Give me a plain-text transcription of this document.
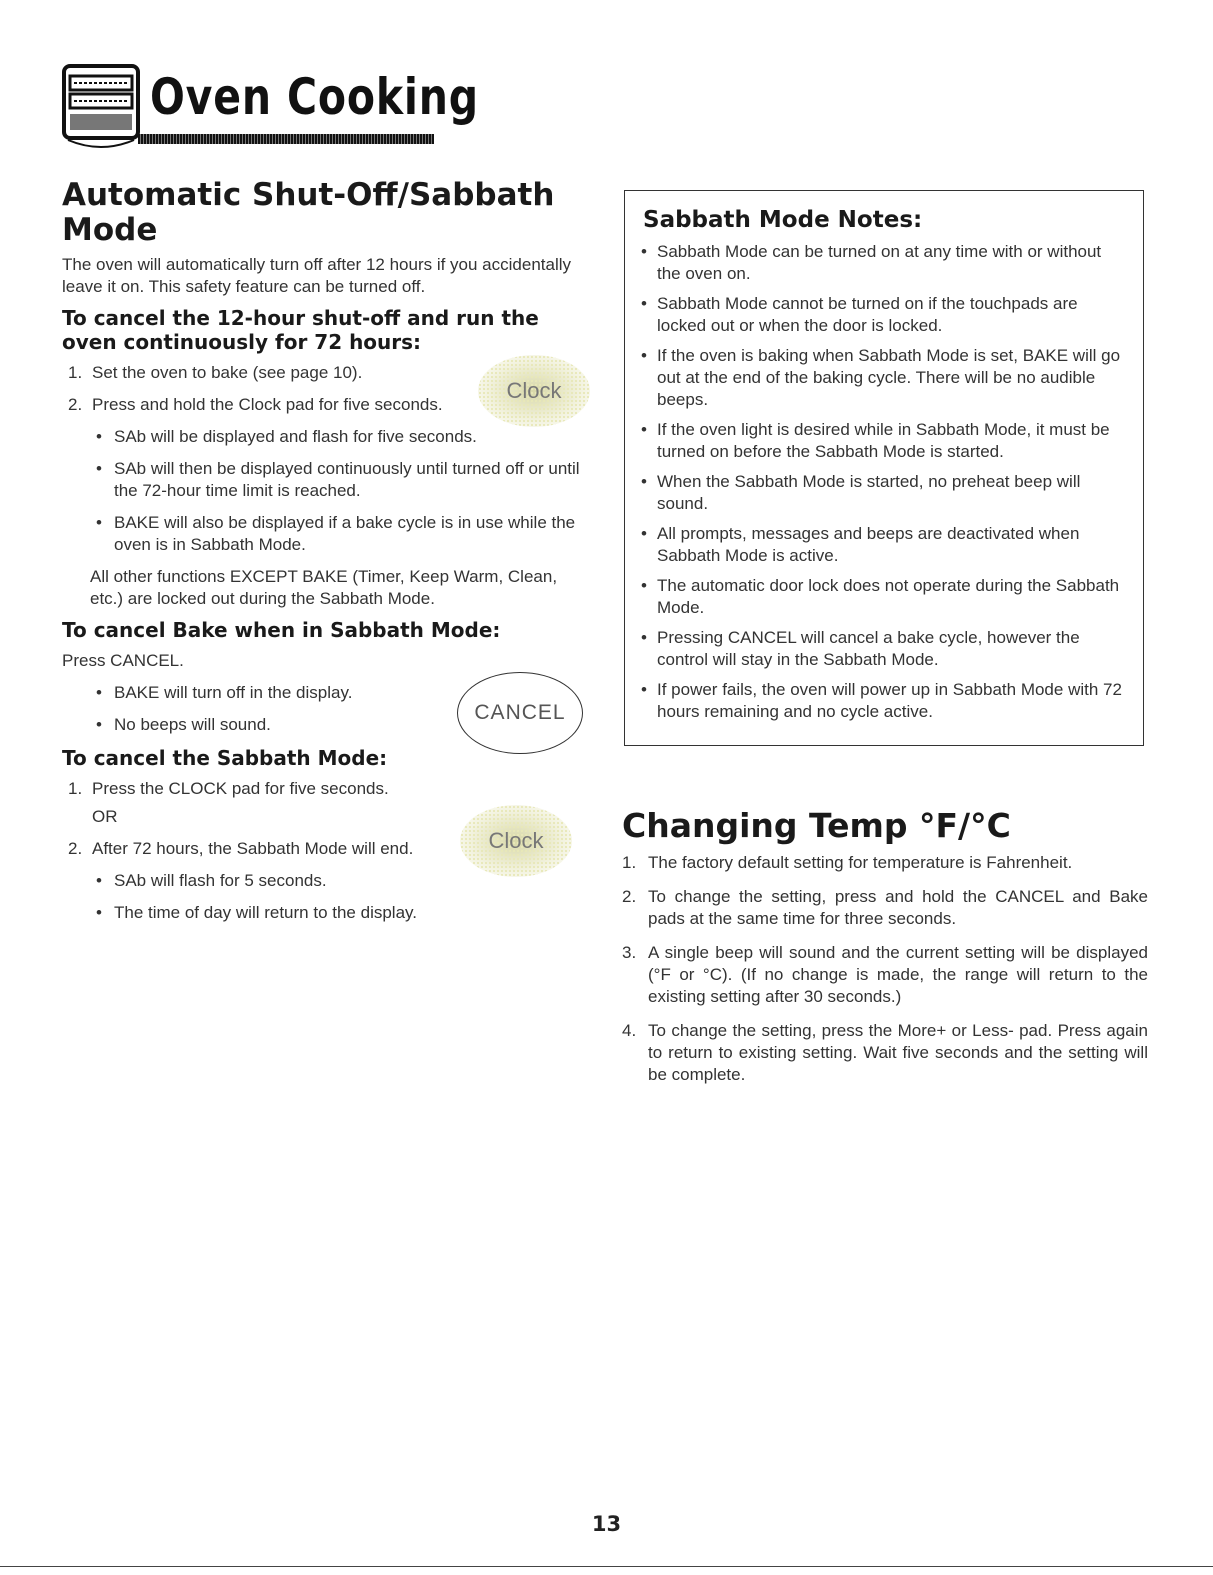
Oven Cooking
Automatic Shut-Off/Sabbath Mode

The oven will automatically turn off after 12 hours if you accidentally leave it on. This safety feature can be turned off.

To cancel the 12-hour shut-off and run the oven continuously for 72 hours:
1. Set the oven to bake (see page 10).
2. Press and hold the Clock pad for five seconds.
• SAb will be displayed and flash for five seconds.
• SAb will then be displayed continuously until turned off or until the 72-hour time limit is reached.
• BAKE will also be displayed if a bake cycle is in use while the oven is in Sabbath Mode.

All other functions EXCEPT BAKE (Timer, Keep Warm, Clean, etc.) are locked out during the Sabbath Mode.

To cancel Bake when in Sabbath Mode:

Press CANCEL.

• BAKE will turn off in the display.
• No beeps will sound.
To cancel the Sabbath Mode:
1. Press the CLOCK pad for five seconds.
OR
2. After 72 hours, the Sabbath Mode will end.
• SAb will flash for 5 seconds.
• The time of day will return to the display.
Clock
CANCEL
Clock
Sabbath Mode Notes:
• Sabbath Mode can be turned on at any time with or without the oven on.
• Sabbath Mode cannot be turned on if the touchpads are locked out or when the door is locked.
• If the oven is baking when Sabbath Mode is set, BAKE will go out at the end of the baking cycle. There will be no audible beeps.
• If the oven light is desired while in Sabbath Mode, it must be turned on before the Sabbath Mode is started.
• When the Sabbath Mode is started, no preheat beep will sound.
• All prompts, messages and beeps are deactivated when Sabbath Mode is active.
• The automatic door lock does not operate during the Sabbath Mode.
• Pressing CANCEL will cancel a bake cycle, however the control will stay in the Sabbath Mode.
• If power fails, the oven will power up in Sabbath Mode with 72 hours remaining and no cycle active.
Changing Temp °F/°C
1. The factory default setting for temperature is Fahrenheit.
2. To change the setting, press and hold the CANCEL and Bake pads at the same time for three seconds.
3. A single beep will sound and the current setting will be displayed (°F or °C). (If no change is made, the range will return to the existing setting after 30 seconds.)
4. To change the setting, press the More+ or Less- pad. Press again to return to existing setting. Wait five seconds and the setting will be complete.
13
